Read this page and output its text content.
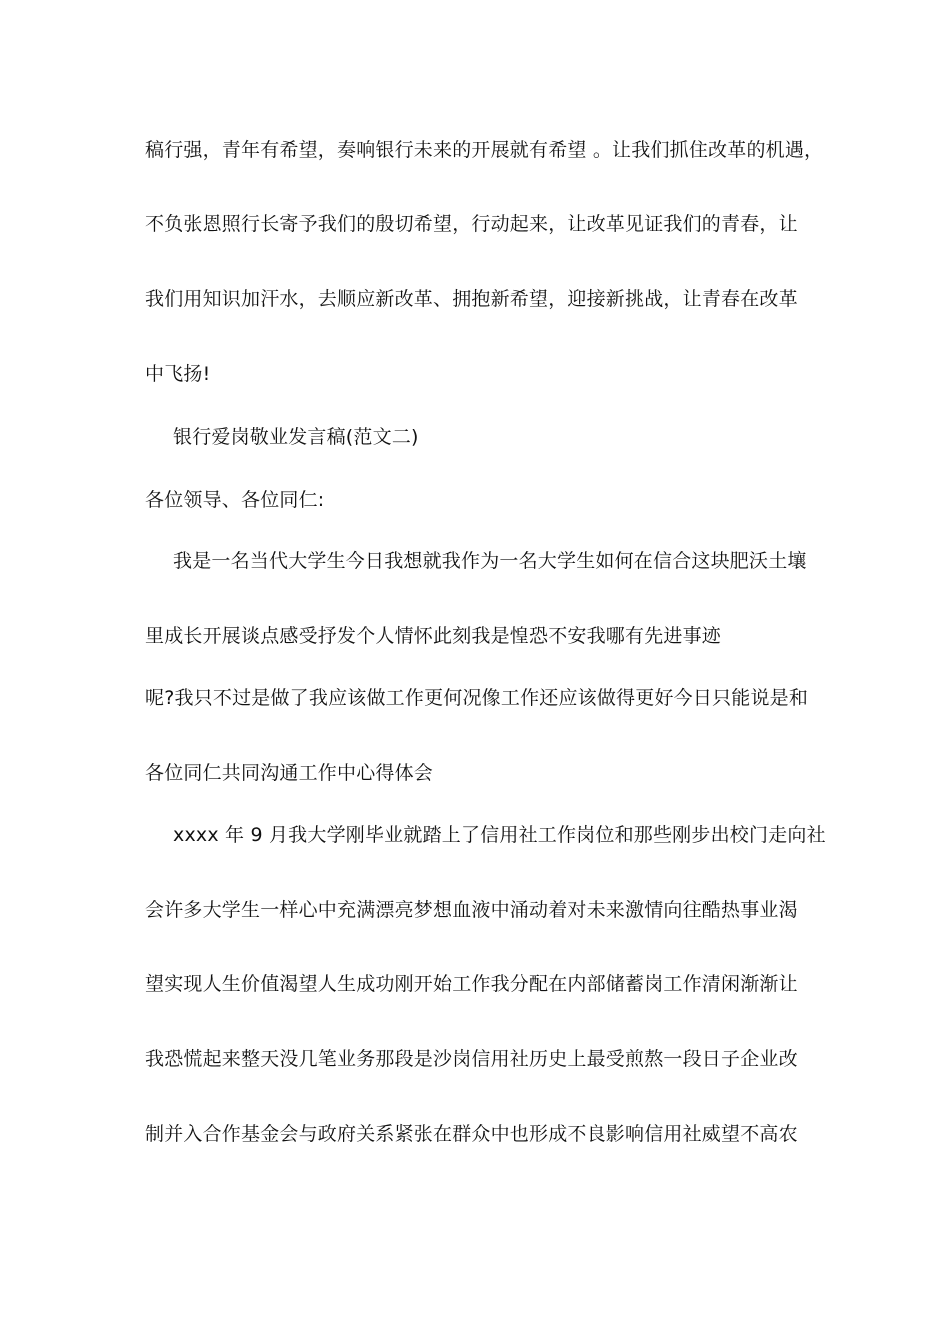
稿行强，青年有希望，奏响银行未来的开展就有希望 。让我们抓住改革的机遇，
不负张恩照行长寄予我们的殷切希望，行动起来，让改革见证我们的青春，让
我们用知识加汗水，去顺应新改革、拥抱新希望，迎接新挑战，让青春在改革
中飞扬!
银行爱岗敬业发言稿(范文二)
各位领导、各位同仁:
我是一名当代大学生今日我想就我作为一名大学生如何在信合这块肥沃土壤
里成长开展谈点感受抒发个人情怀此刻我是惶恐不安我哪有先进事迹
呢?我只不过是做了我应该做工作更何况像工作还应该做得更好今日只能说是和
各位同仁共同沟通工作中心得体会
xxxx 年 9 月我大学刚毕业就踏上了信用社工作岗位和那些刚步出校门走向社
会许多大学生一样心中充满漂亮梦想血液中涌动着对未来激情向往酷热事业渴
望实现人生价值渴望人生成功刚开始工作我分配在内部储蓄岗工作清闲渐渐让
我恐慌起来整天没几笔业务那段是沙岗信用社历史上最受煎熬一段日子企业改
制并入合作基金会与政府关系紧张在群众中也形成不良影响信用社威望不高农
